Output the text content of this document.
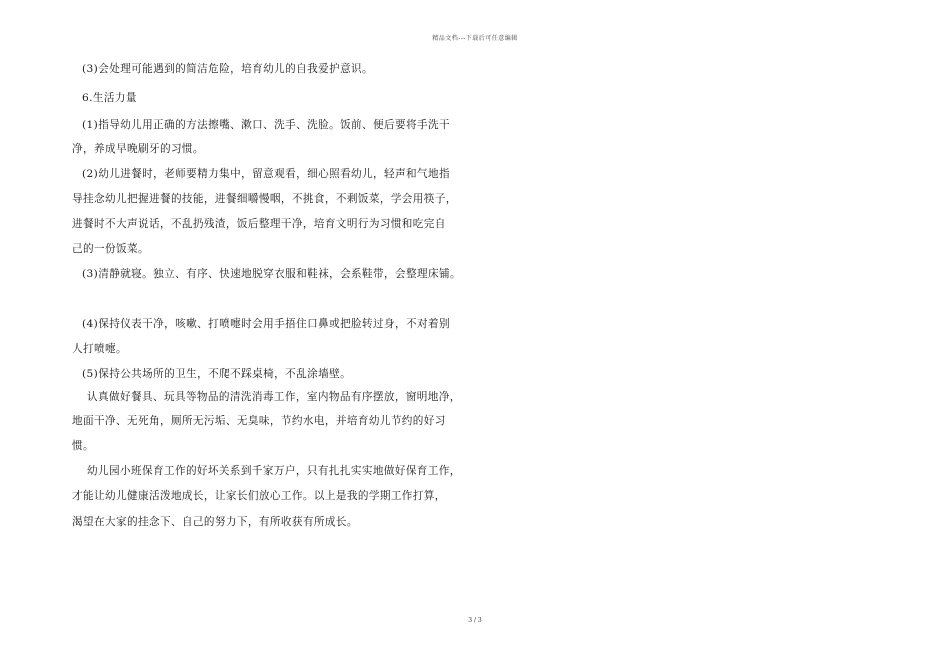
精品文档---下载后可任意编辑
(3)会处理可能遇到的简洁危险，培育幼儿的自我爱护意识。
6.生活力量
(1)指导幼儿用正确的方法擦嘴、漱口、洗手、洗脸。饭前、便后要将手洗干
净，养成早晚刷牙的习惯。
(2)幼儿进餐时，老师要精力集中，留意观看，细心照看幼儿，轻声和气地指
导挂念幼儿把握进餐的技能，进餐细嚼慢咽，不挑食，不剩饭菜，学会用筷子，
进餐时不大声说话，不乱扔残渣，饭后整理干净，培育文明行为习惯和吃完自
己的一份饭菜。
(3)清静就寝。独立、有序、快速地脱穿衣服和鞋袜，会系鞋带，会整理床铺。
(4)保持仪表干净，咳嗽、打喷嚏时会用手捂住口鼻或把脸转过身，不对着别
人打喷嚏。
(5)保持公共场所的卫生，不爬不踩桌椅，不乱涂墙壁。
认真做好餐具、玩具等物品的清洗消毒工作，室内物品有序摆放，窗明地净，
地面干净、无死角，厕所无污垢、无臭味，节约水电，并培育幼儿节约的好习
惯。
幼儿园小班保育工作的好坏关系到千家万户，只有扎扎实实地做好保育工作，
才能让幼儿健康活泼地成长，让家长们放心工作。以上是我的学期工作打算，
渴望在大家的挂念下、自己的努力下，有所收获有所成长。
3 / 3
